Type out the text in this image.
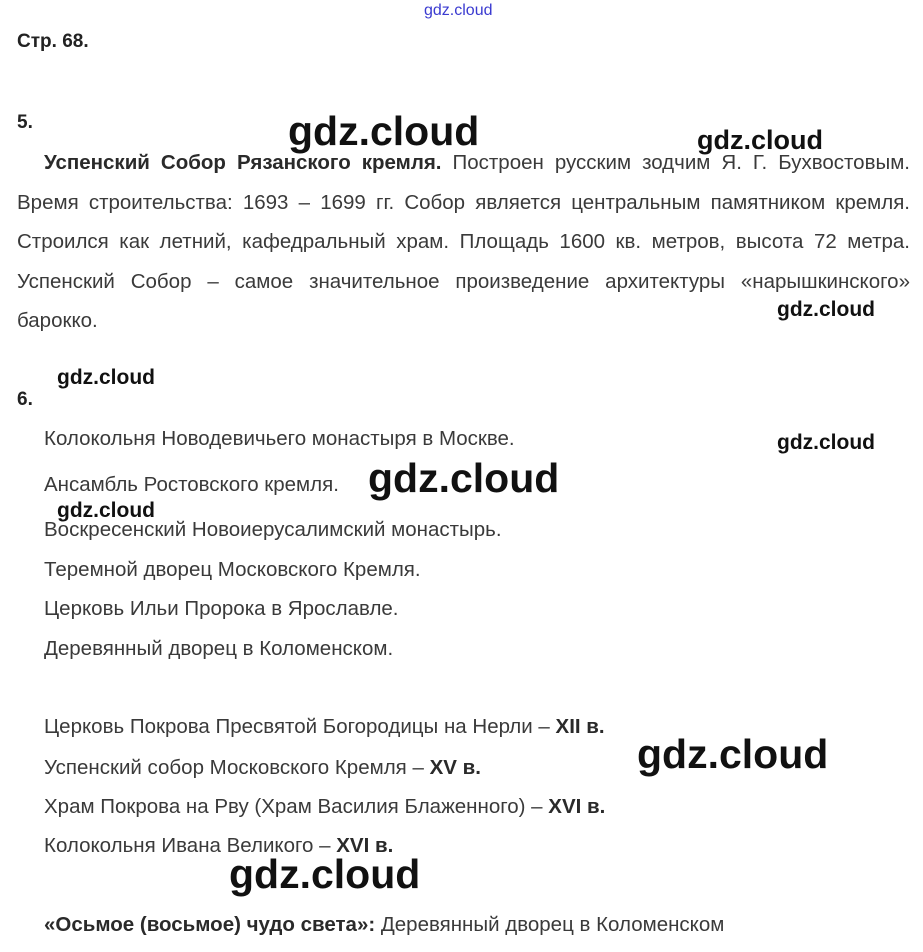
gdz.cloud
Стр. 68.
5.
Успенский Собор Рязанского кремля. Построен русским зодчим Я. Г. Бухвостовым. Время строительства: 1693 – 1699 гг. Собор является центральным памятником кремля. Строился как летний, кафедральный храм. Площадь 1600 кв. метров, высота 72 метра. Успенский Собор – самое значительное произведение архитектуры «нарышкинского» барокко.
6.
Колокольня Новодевичьего монастыря в Москве.
Ансамбль Ростовского кремля.
Воскресенский Новоиерусалимский монастырь.
Теремной дворец Московского Кремля.
Церковь Ильи Пророка в Ярославле.
Деревянный дворец в Коломенском.
Церковь Покрова Пресвятой Богородицы на Нерли – XII в.
Успенский собор Московского Кремля – XV в.
Храм Покрова на Рву (Храм Василия Блаженного) – XVI в.
Колокольня Ивана Великого – XVI в.
«Осьмое (восьмое) чудо света»: Деревянный дворец в Коломенском
gdz.cloud	gdz.cloud
gdz.cloud
gdz.cloud
gdz.cloud
gdz.cloud
gdz.cloud
gdz.cloud
gdz.cloud
